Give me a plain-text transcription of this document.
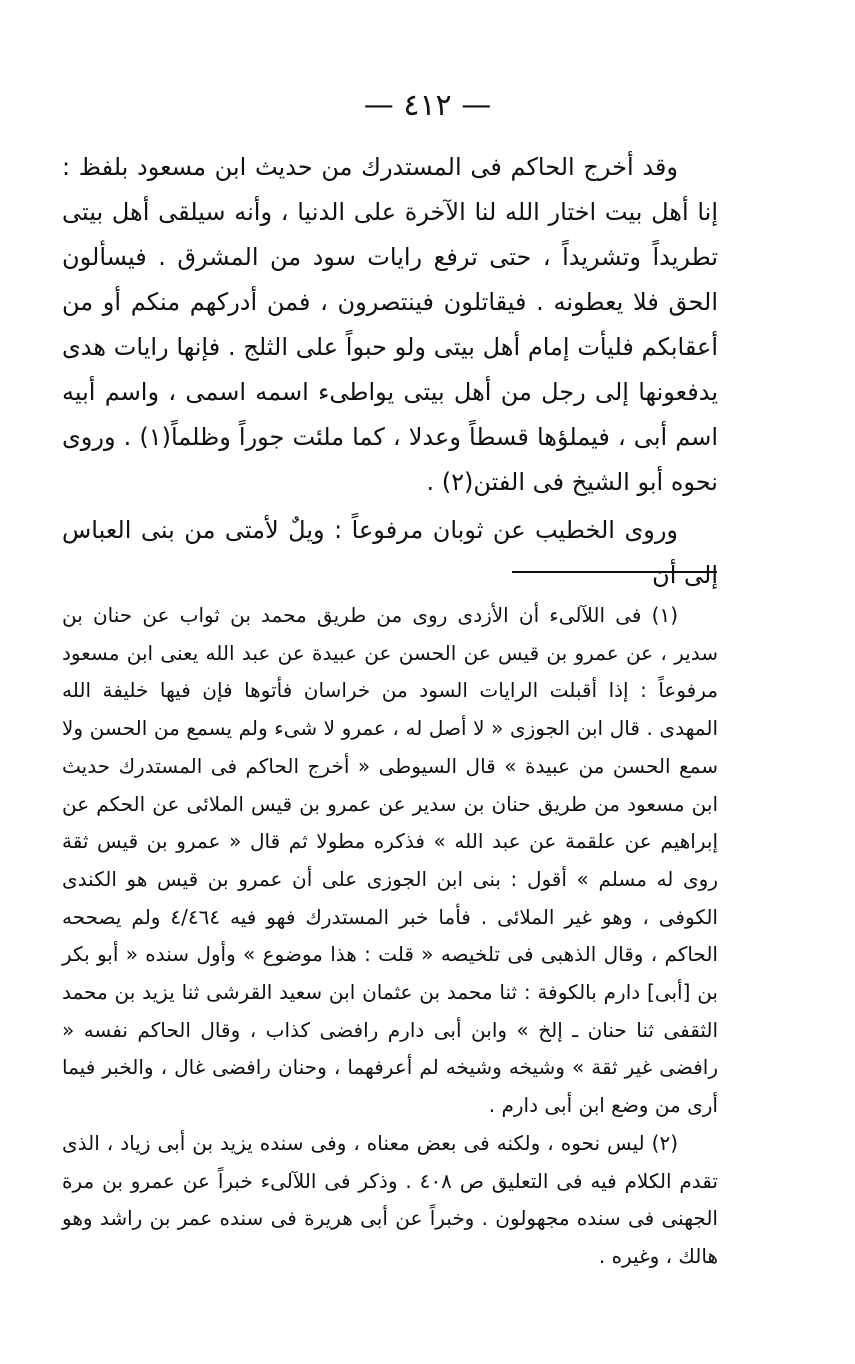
— ٤١٢ —

وقد أخرج الحاكم فى المستدرك من حديث ابن مسعود بلفظ : إنا أهل بيت اختار الله لنا الآخرة على الدنيا ، وأنه سيلقى أهل بيتى تطريداً وتشريداً ، حتى ترفع رايات سود من المشرق . فيسألون الحق فلا يعطونه . فيقاتلون فينتصرون ، فمن أدركهم منكم أو من أعقابكم فليأت إمام أهل بيتى ولو حبواً على الثلج . فإنها رايات هدى يدفعونها إلى رجل من أهل بيتى يواطىء اسمه اسمى ، واسم أبيه اسم أبى ، فيملؤها قسطاً وعدلا ، كما ملئت جوراً وظلماً(١) . وروى نحوه أبو الشيخ فى الفتن(٢) .

وروى الخطيب عن ثوبان مرفوعاً : ويلٌ لأمتى من بنى العباس إلى أن

(١) فى اللآلىء أن الأزدى روى من طريق محمد بن ثواب عن حنان بن سدير ، عن عمرو بن قيس عن الحسن عن عبيدة عن عبد الله يعنى ابن مسعود مرفوعاً : إذا أقبلت الرايات السود من خراسان فأتوها فإن فيها خليفة الله المهدى . قال ابن الجوزى « لا أصل له ، عمرو لا شىء ولم يسمع من الحسن ولا سمع الحسن من عبيدة » قال السيوطى « أخرج الحاكم فى المستدرك حديث ابن مسعود من طريق حنان بن سدير عن عمرو بن قيس الملائى عن الحكم عن إبراهيم عن علقمة عن عبد الله » فذكره مطولا ثم قال « عمرو بن قيس ثقة روى له مسلم » أقول : بنى ابن الجوزى على أن عمرو بن قيس هو الكندى الكوفى ، وهو غير الملائى . فأما خبر المستدرك فهو فيه ٤/٤٦٤ ولم يصححه الحاكم ، وقال الذهبى فى تلخيصه « قلت : هذا موضوع » وأول سنده « أبو بكر بن [أبى] دارم بالكوفة : ثنا محمد بن عثمان ابن سعيد القرشى ثنا يزيد بن محمد الثقفى ثنا حنان ـ إلخ » وابن أبى دارم رافضى كذاب ، وقال الحاكم نفسه « رافضى غير ثقة » وشيخه وشيخه لم أعرفهما ، وحنان رافضى غال ، والخبر فيما أرى من وضع ابن أبى دارم .

(٢) ليس نحوه ، ولكنه فى بعض معناه ، وفى سنده يزيد بن أبى زياد ، الذى تقدم الكلام فيه فى التعليق ص ٤٠٨ . وذكر فى اللآلىء خبراً عن عمرو بن مرة الجهنى فى سنده مجهولون . وخبراً عن أبى هريرة فى سنده عمر بن راشد وهو هالك ، وغيره .
